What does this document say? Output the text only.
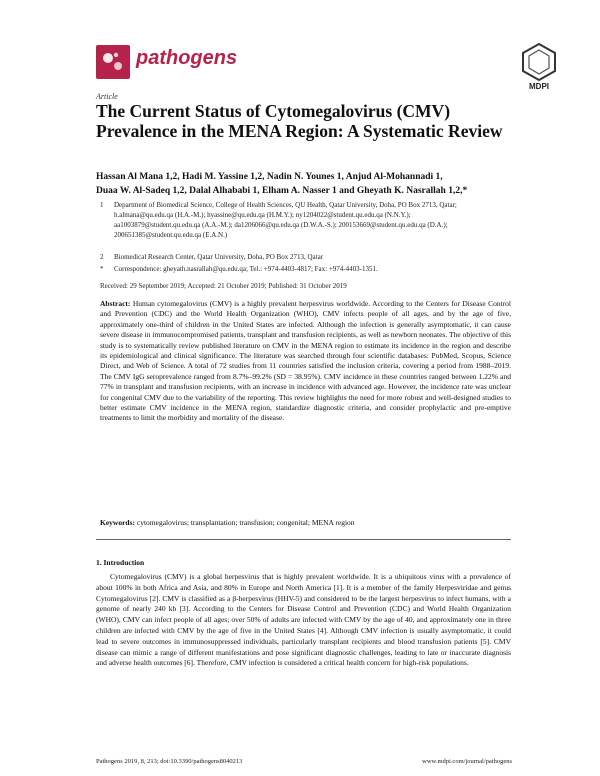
pathogens
MDPI
Article
The Current Status of Cytomegalovirus (CMV) Prevalence in the MENA Region: A Systematic Review
Hassan Al Mana 1,2, Hadi M. Yassine 1,2, Nadin N. Younes 1, Anjud Al-Mohannadi 1,
Duaa W. Al-Sadeq 1,2, Dalal Alhababi 1, Elham A. Nasser 1 and Gheyath K. Nasrallah 1,2,*
1 Department of Biomedical Science, College of Health Sciences, QU Health, Qatar University, Doha, PO Box 2713, Qatar; h.almana@qu.edu.qa (H.A.-M.); hyassine@qu.edu.qa (H.M.Y.); ny1204022@student.qu.edu.qa (N.N.Y.); aa1003879@student.qu.edu.qa (A.A.-M.); da1206066@qu.edu.qa (D.W.A.-S.); 200153669@student.qu.edu.qa (D.A.); 200651385@student.qu.edu.qa (E.A.N.)
2 Biomedical Research Center, Qatar University, Doha, PO Box 2713, Qatar
* Correspondence: gheyath.nasrallah@qu.edu.qa; Tel.: +974-4403-4817; Fax: +974-4403-1351.
Received: 29 September 2019; Accepted: 21 October 2019; Published: 31 October 2019
Abstract: Human cytomegalovirus (CMV) is a highly prevalent herpesvirus worldwide. According to the Centers for Disease Control and Prevention (CDC) and the World Health Organization (WHO), CMV infects people of all ages, and by the age of five, approximately one-third of children in the United States are infected. Although the infection is generally asymptomatic, it can cause severe disease in immunocompromised patients, transplant and transfusion recipients, as well as newborn neonates. The objective of this study is to systematically review published literature on CMV in the MENA region to estimate its incidence in the region and describe its epidemiological and clinical significance. The literature was searched through four scientific databases: PubMed, Scopus, Science Direct, and Web of Science. A total of 72 studies from 11 countries satisfied the inclusion criteria, covering a period from 1988–2019. The CMV IgG seroprevalence ranged from 8.7%–99.2% (SD = 38.95%). CMV incidence in these countries ranged between 1.22% and 77% in transplant and transfusion recipients, with an increase in incidence with advanced age. However, the incidence rate was unclear for congenital CMV due to the variability of the reporting. This review highlights the need for more robust and well-designed studies to better estimate CMV incidence in the MENA region, standardize diagnostic criteria, and consider prophylactic and pre-emptive treatments to limit the morbidity and mortality of the disease.
Keywords: cytomegalovirus; transplantation; transfusion; congenital; MENA region
1. Introduction
Cytomegalovirus (CMV) is a global herpesvirus that is highly prevalent worldwide. It is a ubiquitous virus with a prevalence of about 100% in both Africa and Asia, and 80% in Europe and North America [1]. It is a member of the family Herpesviridae and genus Cytomegalovirus [2]. CMV is classified as a β-herpesvirus (HHV-5) and considered to be the largest herpesvirus to infect humans, with a genome of nearly 240 kb [3]. According to the Centers for Disease Control and Prevention (CDC) and World Health Organization (WHO), CMV can infect people of all ages; over 50% of adults are infected with CMV by the age of 40, and approximately one in three children are infected with CMV by the age of five in the United States [4]. Although CMV infection is usually asymptomatic, it could lead to severe outcomes in immunosuppressed individuals, particularly transplant recipients and blood transfusion patients [5]. CMV disease can mimic a range of different manifestations and pose significant diagnostic challenges, leading to late or inaccurate diagnosis and adverse health outcomes [6]. Therefore, CMV infection is considered a critical health concern for high-risk populations.
Pathogens 2019, 8, 213; doi:10.3390/pathogens8040213	www.mdpi.com/journal/pathogens
